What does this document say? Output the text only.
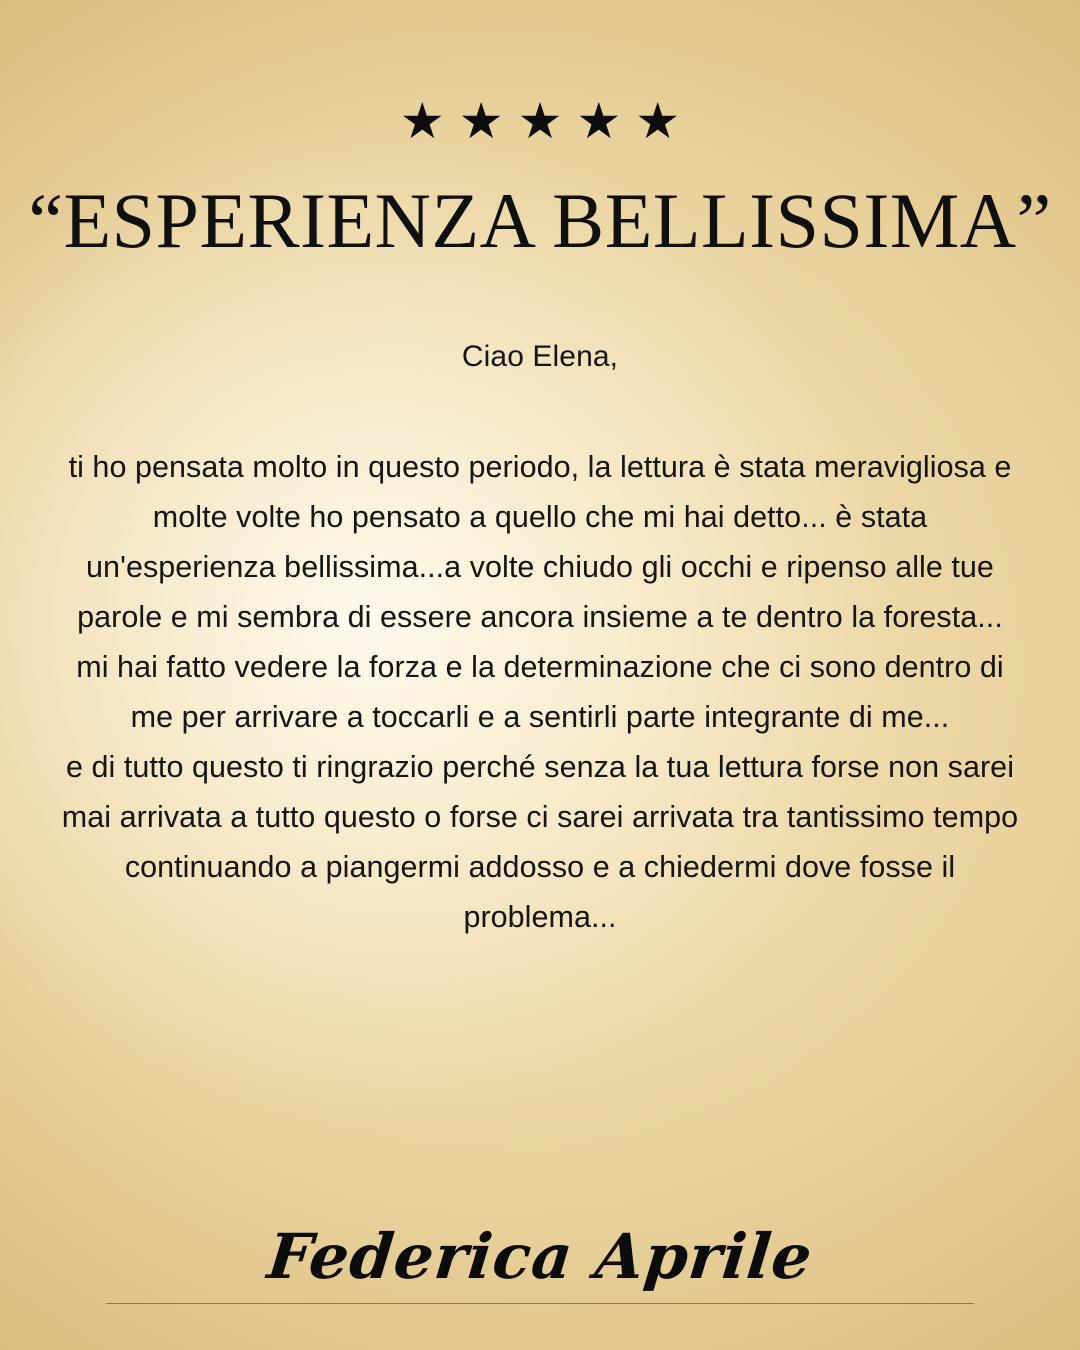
★ ★ ★ ★ ★
“ESPERIENZA BELLISSIMA”
Ciao Elena,

ti ho pensata molto in questo periodo, la lettura è stata meravigliosa e molte volte ho pensato a quello che mi hai detto... è stata un'esperienza bellissima...a volte chiudo gli occhi e ripenso alle tue parole e mi sembra di essere ancora insieme a te dentro la foresta...

mi hai fatto vedere la forza e la determinazione che ci sono dentro di me per arrivare a toccarli e a sentirli parte integrante di me...

e di tutto questo ti ringrazio perché senza la tua lettura forse non sarei mai arrivata a tutto questo o forse ci sarei arrivata tra tantissimo tempo continuando a piangermi addosso e a chiedermi dove fosse il problema...

Federica Aprile
